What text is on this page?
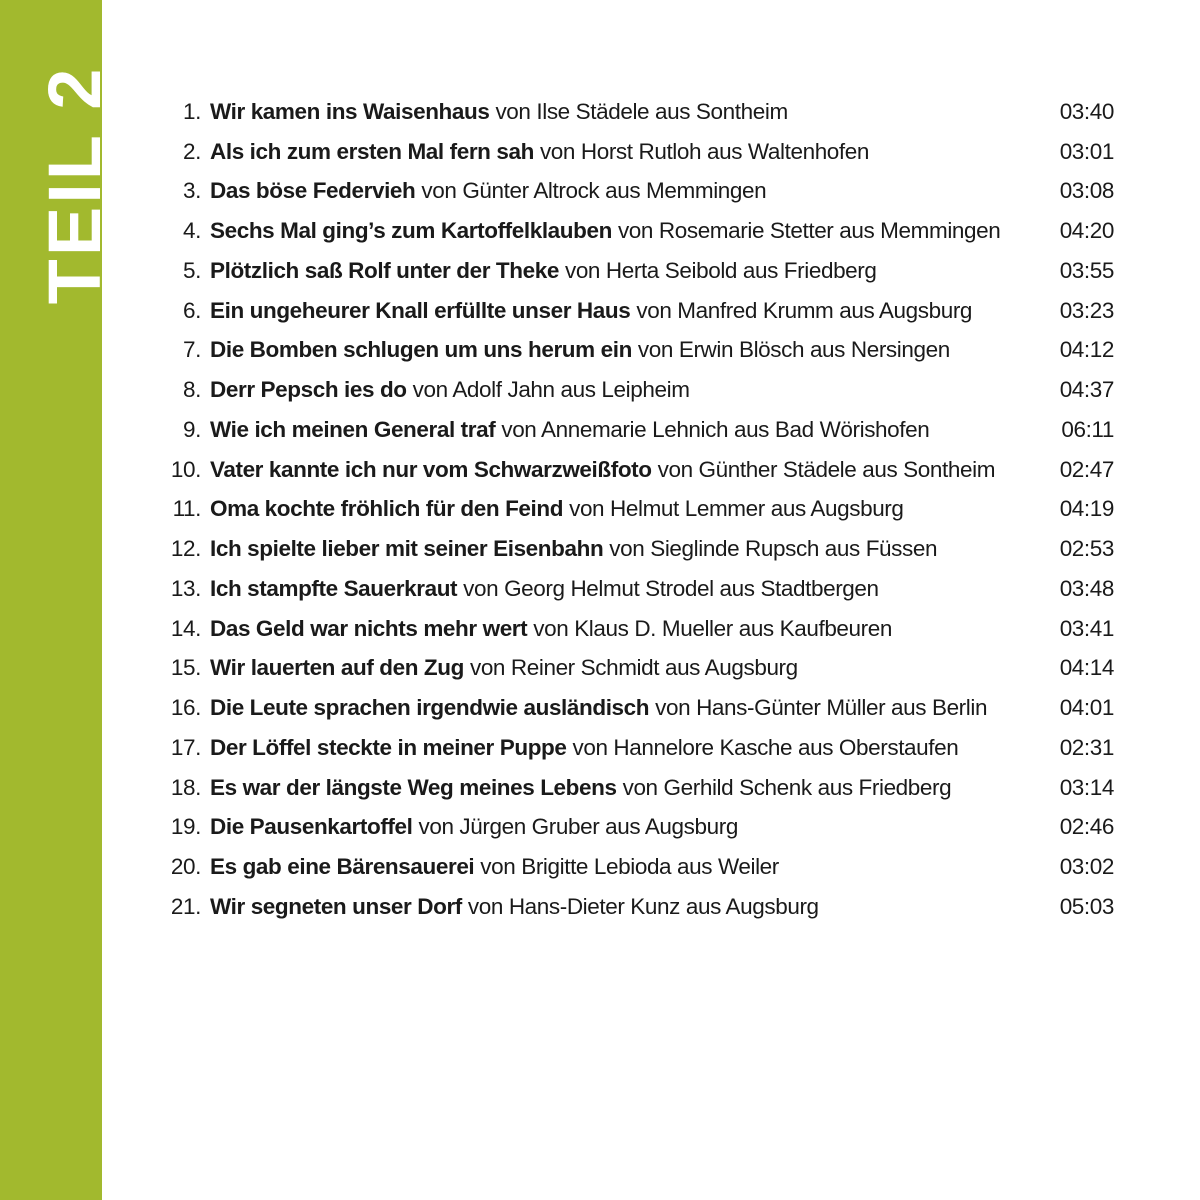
TEIL 2	1. Wir kamen ins Waisenhaus von Ilse Städele aus Sontheim	03:40
2. Als ich zum ersten Mal fern sah von Horst Rutloh aus Waltenhofen	03:01
3. Das böse Federvieh von Günter Altrock aus Memmingen	03:08
4. Sechs Mal ging’s zum Kartoffelklauben von Rosemarie Stetter aus Memmingen	04:20
5. Plötzlich saß Rolf unter der Theke von Herta Seibold aus Friedberg	03:55
6. Ein ungeheurer Knall erfüllte unser Haus von Manfred Krumm aus Augsburg	03:23
7. Die Bomben schlugen um uns herum ein von Erwin Blösch aus Nersingen	04:12
8. Derr Pepsch ies do von Adolf Jahn aus Leipheim	04:37
9. Wie ich meinen General traf von Annemarie Lehnich aus Bad Wörishofen	06:11
10. Vater kannte ich nur vom Schwarzweißfoto von Günther Städele aus Sontheim	02:47
11. Oma kochte fröhlich für den Feind von Helmut Lemmer aus Augsburg	04:19
12. Ich spielte lieber mit seiner Eisenbahn von Sieglinde Rupsch aus Füssen	02:53
13. Ich stampfte Sauerkraut von Georg Helmut Strodel aus Stadtbergen	03:48
14. Das Geld war nichts mehr wert von Klaus D. Mueller aus Kaufbeuren	03:41
15. Wir lauerten auf den Zug von Reiner Schmidt aus Augsburg	04:14
16. Die Leute sprachen irgendwie ausländisch von Hans-Günter Müller aus Berlin	04:01
17. Der Löffel steckte in meiner Puppe von Hannelore Kasche aus Oberstaufen	02:31
18. Es war der längste Weg meines Lebens von Gerhild Schenk aus Friedberg	03:14
19. Die Pausenkartoffel von Jürgen Gruber aus Augsburg	02:46
20. Es gab eine Bärensauerei von Brigitte Lebioda aus Weiler	03:02
21. Wir segneten unser Dorf von Hans-Dieter Kunz aus Augsburg	05:03
